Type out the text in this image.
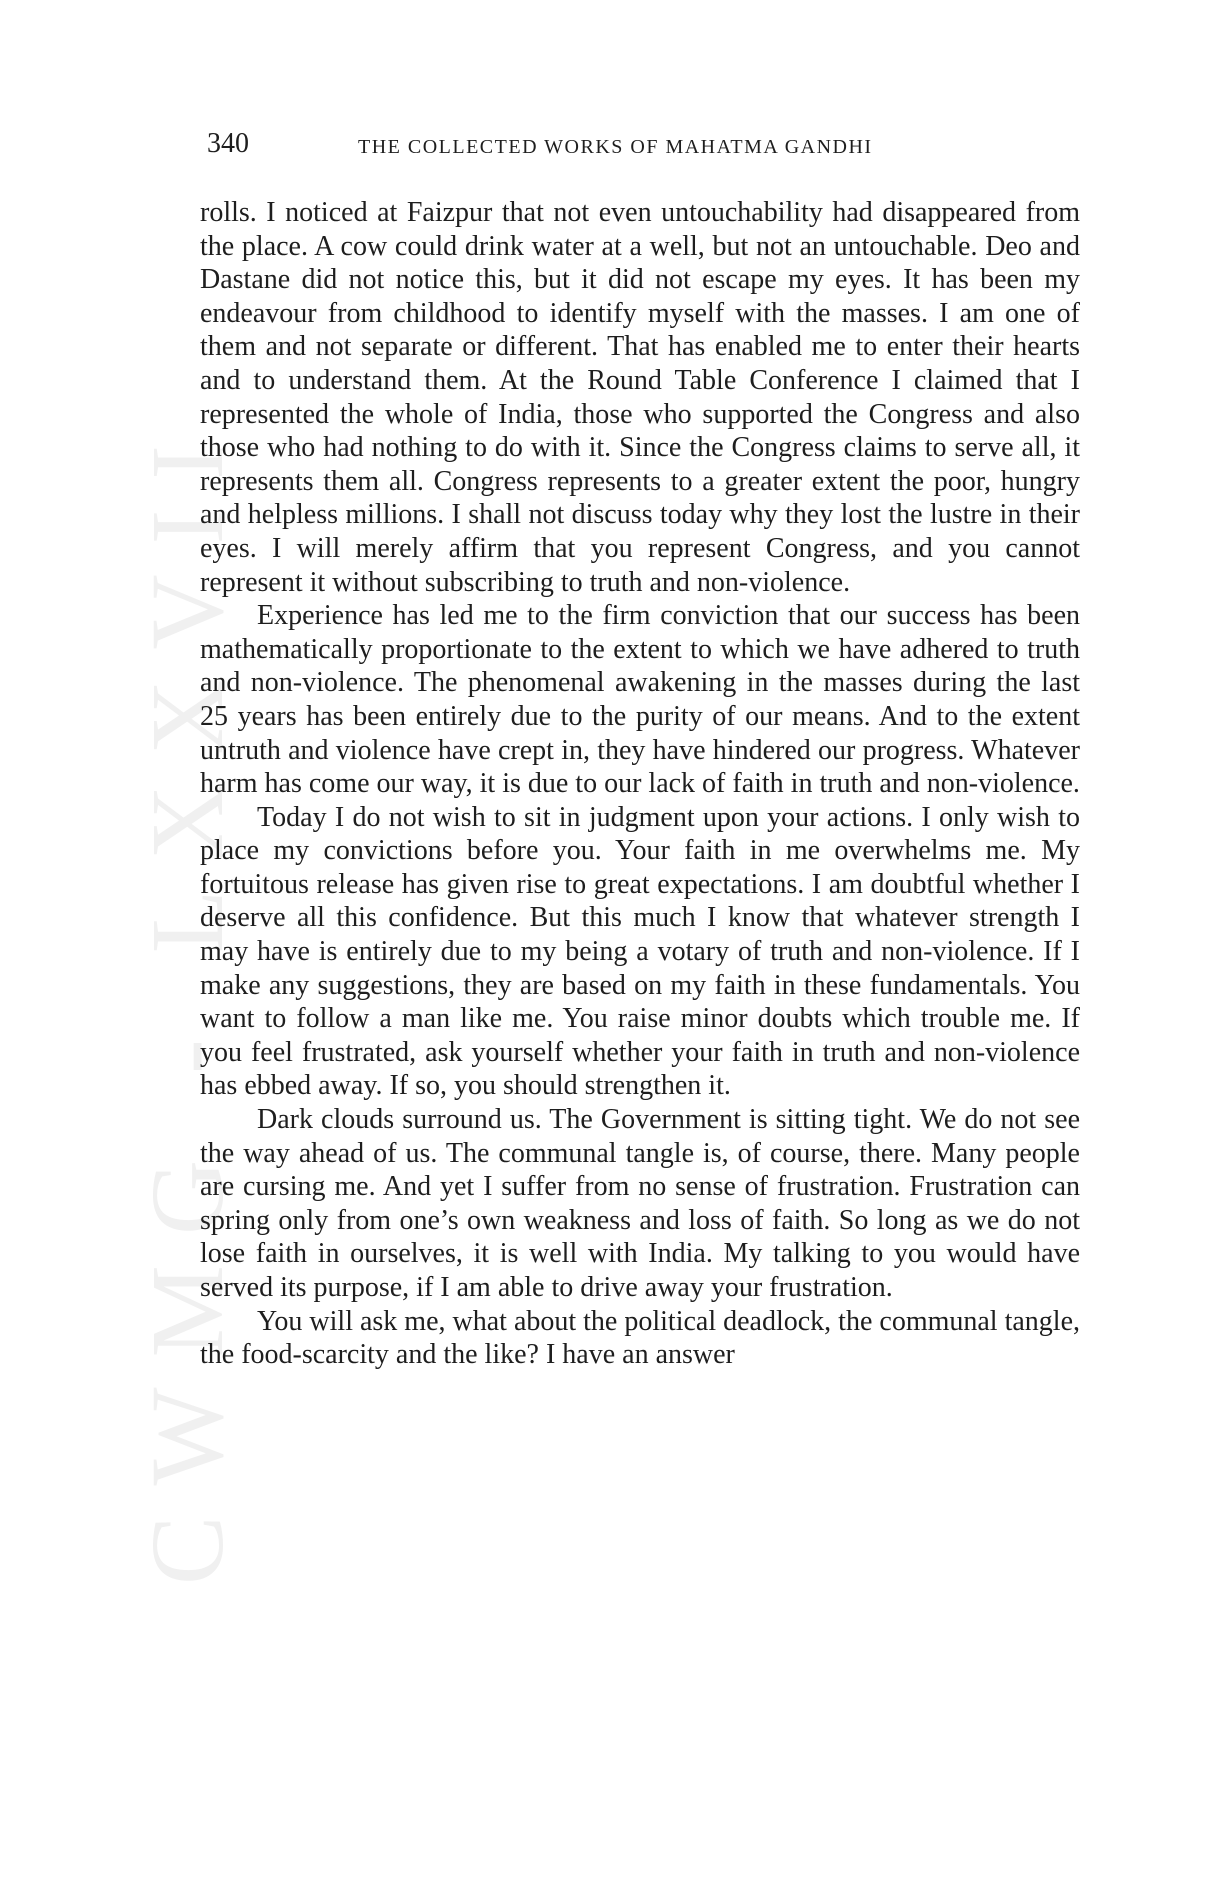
CWMG - LXXVII
340	THE COLLECTED WORKS OF MAHATMA GANDHI

rolls. I noticed at Faizpur that not even untouchability had disappeared from the place. A cow could drink water at a well, but not an untouchable. Deo and Dastane did not notice this, but it did not escape my eyes. It has been my endeavour from childhood to identify myself with the masses. I am one of them and not separate or different. That has enabled me to enter their hearts and to understand them. At the Round Table Conference I claimed that I represented the whole of India, those who supported the Congress and also those who had nothing to do with it. Since the Congress claims to serve all, it represents them all. Congress represents to a greater extent the poor, hungry and helpless millions. I shall not discuss today why they lost the lustre in their eyes. I will merely affirm that you represent Congress, and you cannot represent it without subscribing to truth and non-violence.

Experience has led me to the firm conviction that our success has been mathematically proportionate to the extent to which we have adhered to truth and non-violence. The phenomenal awakening in the masses during the last 25 years has been entirely due to the purity of our means. And to the extent untruth and violence have crept in, they have hindered our progress. Whatever harm has come our way, it is due to our lack of faith in truth and non-violence.

Today I do not wish to sit in judgment upon your actions. I only wish to place my convictions before you. Your faith in me overwhelms me. My fortuitous release has given rise to great expectations. I am doubtful whether I deserve all this confidence. But this much I know that whatever strength I may have is entirely due to my being a votary of truth and non-violence. If I make any suggestions, they are based on my faith in these fundamentals. You want to follow a man like me. You raise minor doubts which trouble me. If you feel frustrated, ask yourself whether your faith in truth and non-violence has ebbed away. If so, you should strengthen it.

Dark clouds surround us. The Government is sitting tight. We do not see the way ahead of us. The communal tangle is, of course, there. Many people are cursing me. And yet I suffer from no sense of frustration. Frustration can spring only from one’s own weakness and loss of faith. So long as we do not lose faith in ourselves, it is well with India. My talking to you would have served its purpose, if I am able to drive away your frustration.

You will ask me, what about the political deadlock, the communal tangle, the food-scarcity and the like? I have an answer
